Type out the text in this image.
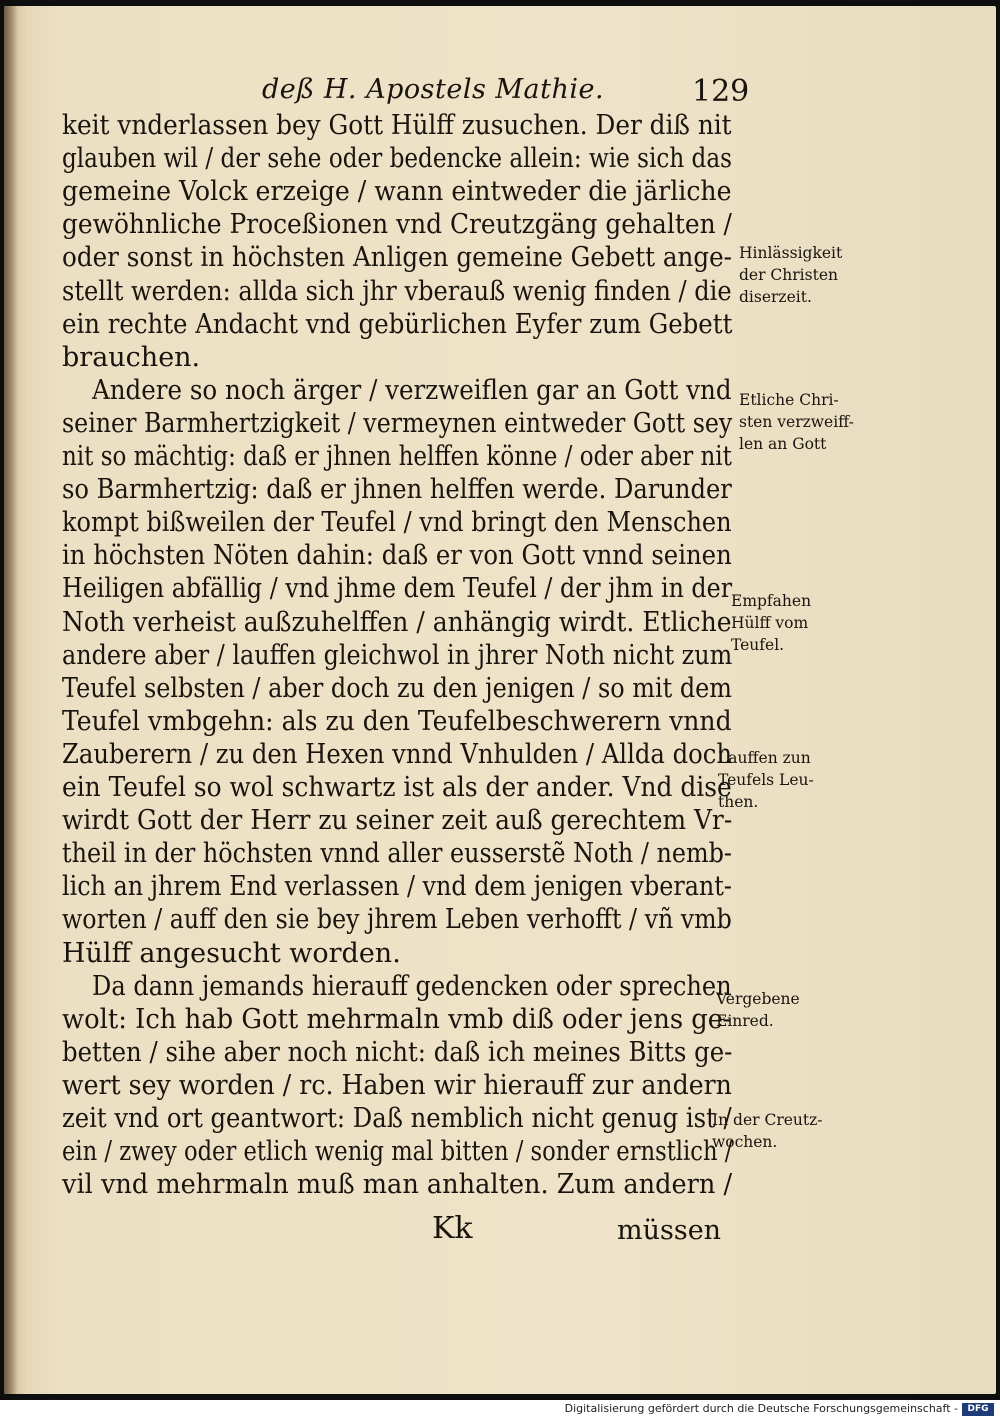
deß H. Apostels Mathie.	129
keit vnderlassen bey Gott Hülff zusuchen. Der diß nit
glauben wil / der sehe oder bedencke allein: wie sich das
gemeine Volck erzeige / wann eintweder die järliche
gewöhnliche Proceßionen vnd Creutzgäng gehalten /
oder sonst in höchsten Anligen gemeine Gebett ange-
stellt werden: allda sich jhr vberauß wenig finden / die
ein rechte Andacht vnd gebürlichen Eyfer zum Gebett
brauchen.
Andere so noch ärger / verzweiflen gar an Gott vnd
seiner Barmhertzigkeit / vermeynen eintweder Gott sey
nit so mächtig: daß er jhnen helffen könne / oder aber nit
so Barmhertzig: daß er jhnen helffen werde. Darunder
kompt bißweilen der Teufel / vnd bringt den Menschen
in höchsten Nöten dahin: daß er von Gott vnnd seinen
Heiligen abfällig / vnd jhme dem Teufel / der jhm in der
Noth verheist außzuhelffen / anhängig wirdt. Etliche
andere aber / lauffen gleichwol in jhrer Noth nicht zum
Teufel selbsten / aber doch zu den jenigen / so mit dem
Teufel vmbgehn: als zu den Teufelbeschwerern vnnd
Zauberern / zu den Hexen vnnd Vnhulden / Allda doch
ein Teufel so wol schwartz ist als der ander. Vnd dise
wirdt Gott der Herr zu seiner zeit auß gerechtem Vr-
theil in der höchsten vnnd aller eusserstẽ Noth / nemb-
lich an jhrem End verlassen / vnd dem jenigen vberant-
worten / auff den sie bey jhrem Leben verhofft / vñ vmb
Hülff angesucht worden.
Da dann jemands hierauff gedencken oder sprechen
wolt: Ich hab Gott mehrmaln vmb diß oder jens ge-
betten / sihe aber noch nicht: daß ich meines Bitts ge-
wert sey worden / rc. Haben wir hierauff zur andern
zeit vnd ort geantwort: Daß nemblich nicht genug ist /
ein / zwey oder etlich wenig mal bitten / sonder ernstlich /
vil vnd mehrmaln muß man anhalten. Zum andern /
Hinlässigkeit
der Christen
diserzeit.
Etliche Chri-
sten verzweiff-
len an Gott
Empfahen
Hülff vom
Teufel.
Lauffen zun
Teufels Leu-
then.
Vergebene
Einred.
In der Creutz-
wochen.
Kk	müssen
Digitalisierung gefördert durch die Deutsche Forschungsgemeinschaft -	DFG
